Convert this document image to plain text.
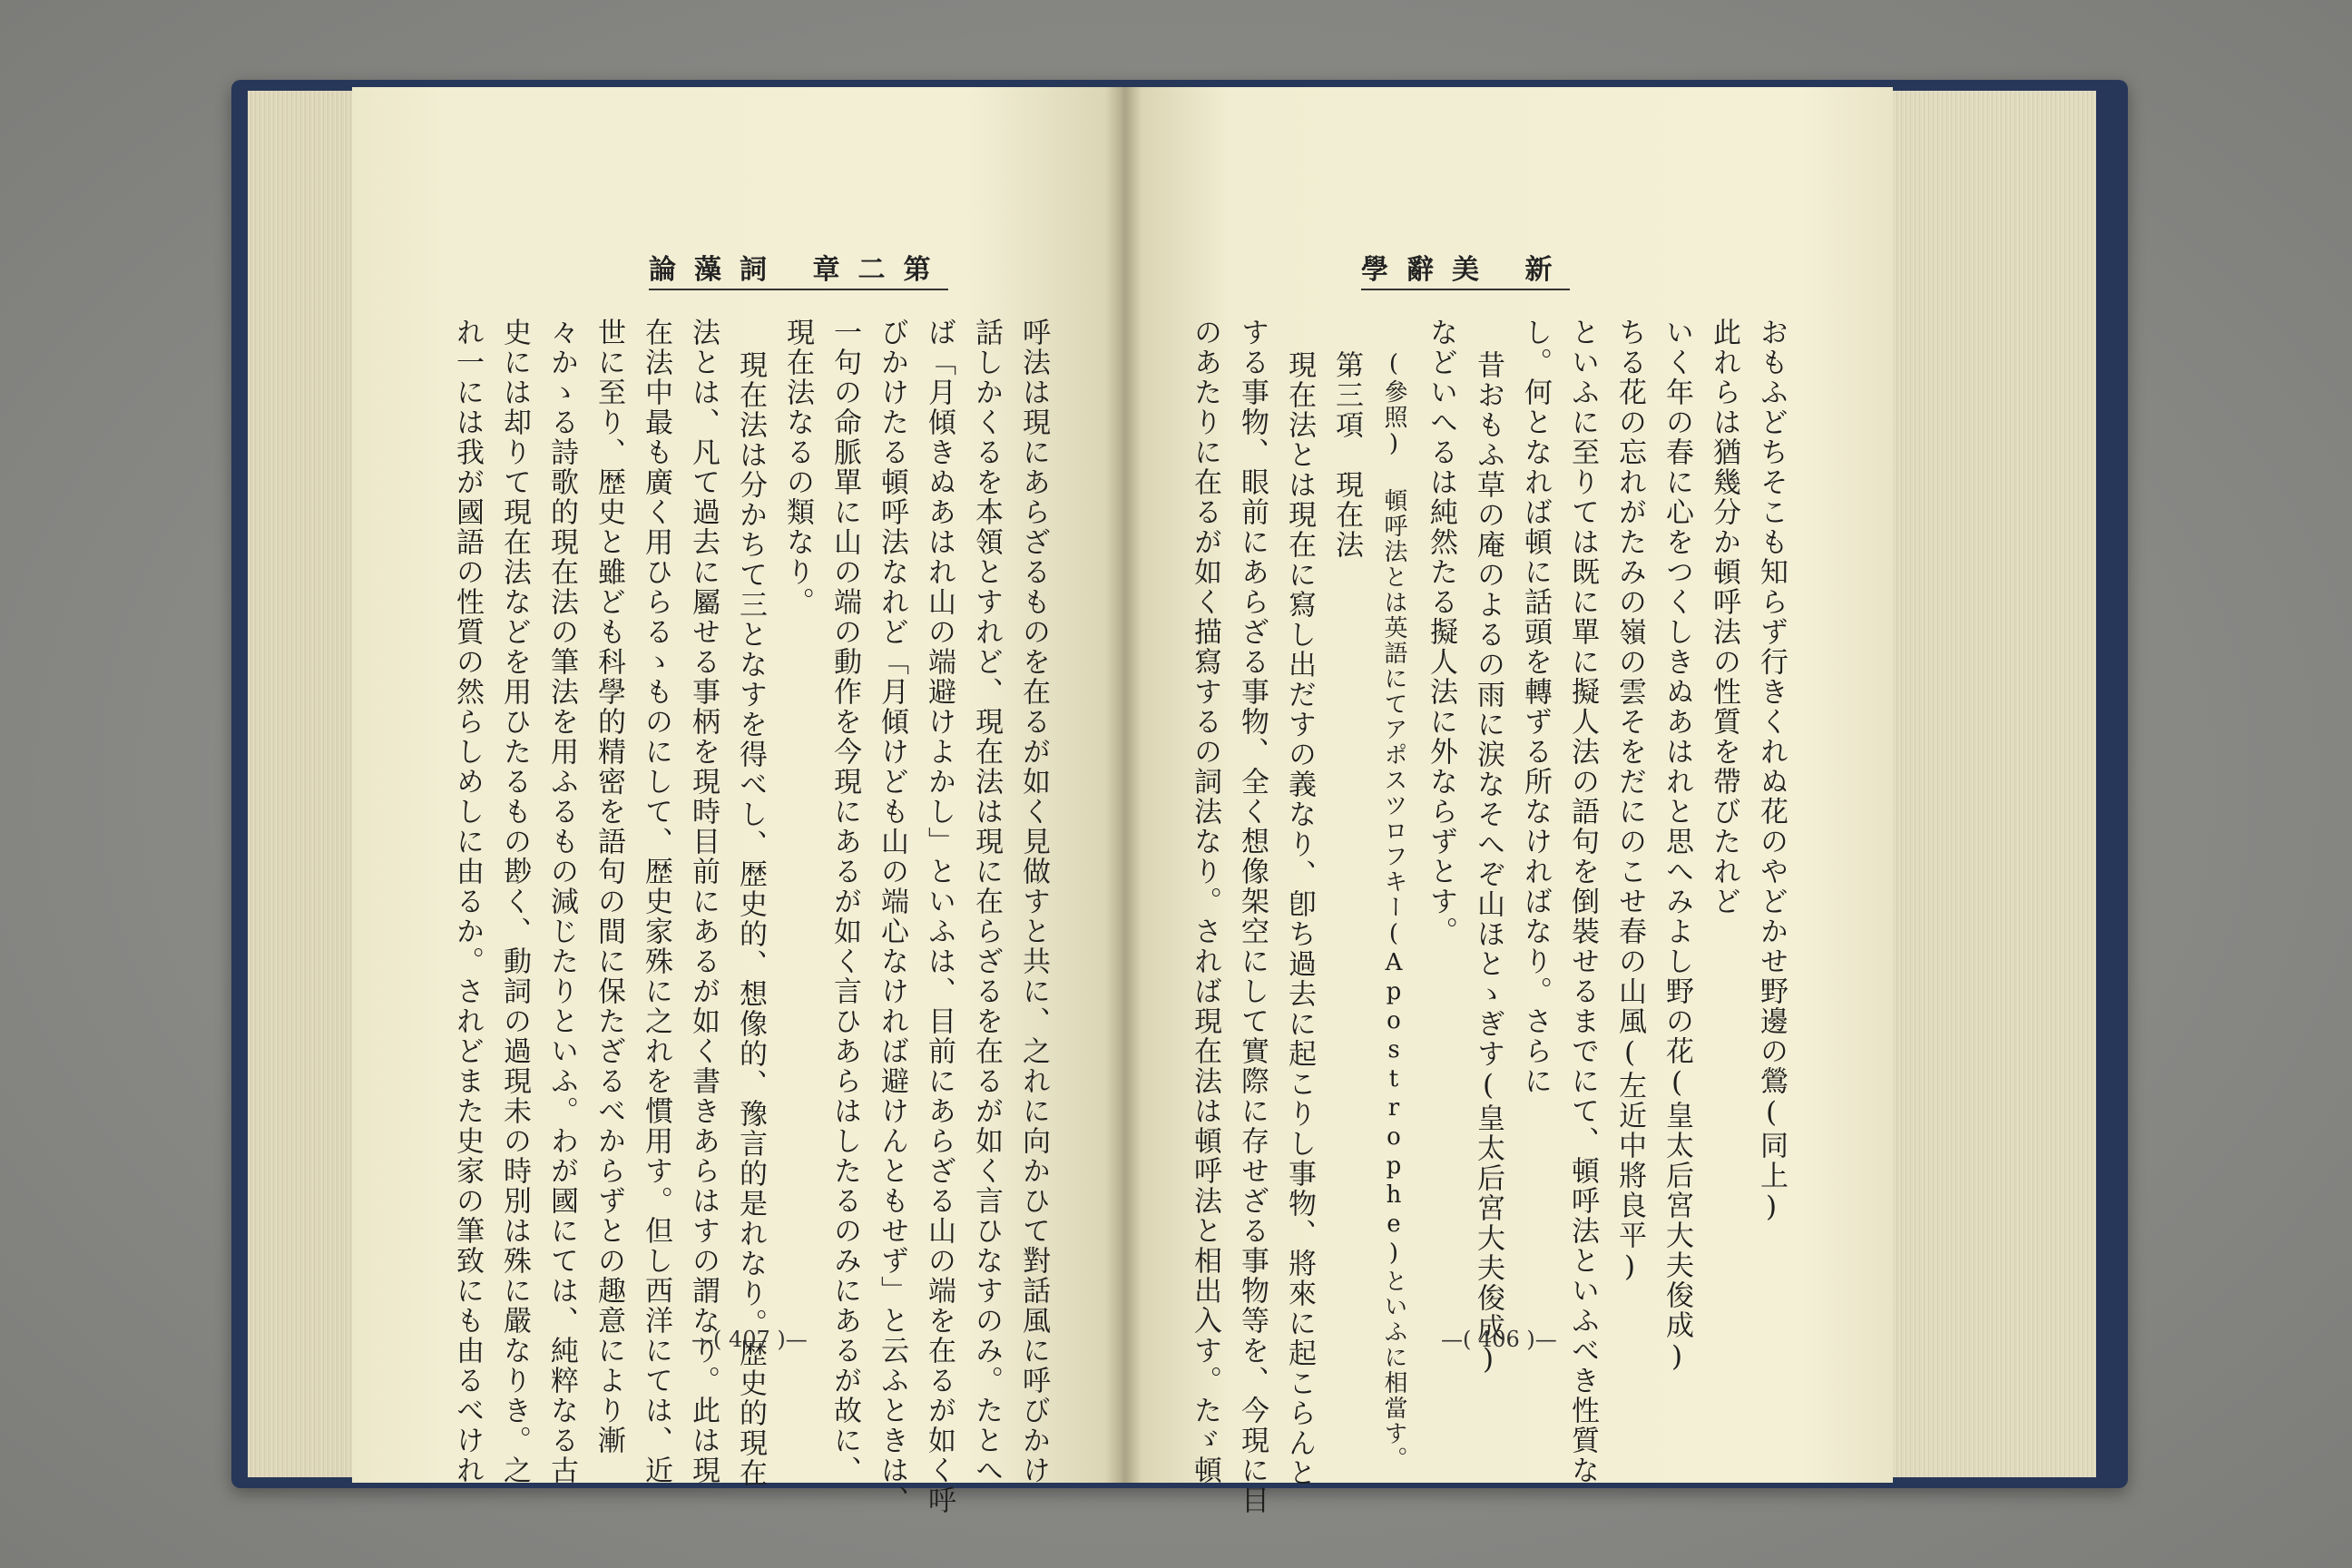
論藻詞 章二第	學辭美 新
呼法は現にあらざるものを在るが如く見做すと共に、之れに向かひて對話風に呼びかけ
話しかくるを本領とすれど、現在法は現に在らざるを在るが如く言ひなすのみ。たとへ
ば「月傾きぬあはれ山の端避けよかし」といふは、目前にあらざる山の端を在るが如く呼
びかけたる頓呼法なれど「月傾けども山の端心なければ避けんともせず」と云ふときは、
一句の命脈單に山の端の動作を今現にあるが如く言ひあらはしたるのみにあるが故に、
現在法なるの類なり。
現在法は分かちて三となすを得べし、歴史的、想像的、豫言的是れなり。歴史的現在
法とは、凡て過去に屬せる事柄を現時目前にあるが如く書きあらはすの謂なり。此は現
在法中最も廣く用ひらるゝものにして、歴史家殊に之れを慣用す。但し西洋にては、近
世に至り、歴史と雖ども科學的精密を語句の間に保たざるべからずとの趣意により漸
々かゝる詩歌的現在法の筆法を用ふるもの減じたりといふ。わが國にては、純粹なる古
史には却りて現在法などを用ひたるもの尠く、動詞の過現未の時別は殊に嚴なりき。之
れ一には我が國語の性質の然らしめしに由るか。されどまた史家の筆致にも由るべけれ	おもふどちそこも知らず行きくれぬ花のやどかせ野邊の鶯(同上)
此れらは猶幾分か頓呼法の性質を帶びたれど
いく年の春に心をつくしきぬあはれと思へみよし野の花(皇太后宮大夫俊成)
ちる花の忘れがたみの嶺の雲そをだにのこせ春の山風(左近中將良平)
といふに至りては既に單に擬人法の語句を倒裝せるまでにて、頓呼法といふべき性質な
し。何となれば頓に話頭を轉ずる所なければなり。さらに
昔おもふ草の庵のよるの雨に涙なそへぞ山ほとゝぎす(皇太后宮大夫俊成)
などいへるは純然たる擬人法に外ならずとす。
(參照) 頓呼法とは英語にてアポスツロフキー(Apostrophe)といふに相當す。
第三項　現在法
現在法とは現在に寫し出だすの義なり、卽ち過去に起こりし事物、將來に起こらんと
する事物、眼前にあらざる事物、全く想像架空にして實際に存せざる事物等を、今現に目
のあたりに在るが如く描寫するの詞法なり。されば現在法は頓呼法と相出入す。たゞ頓
—( 407 )—	—( 406 )—
